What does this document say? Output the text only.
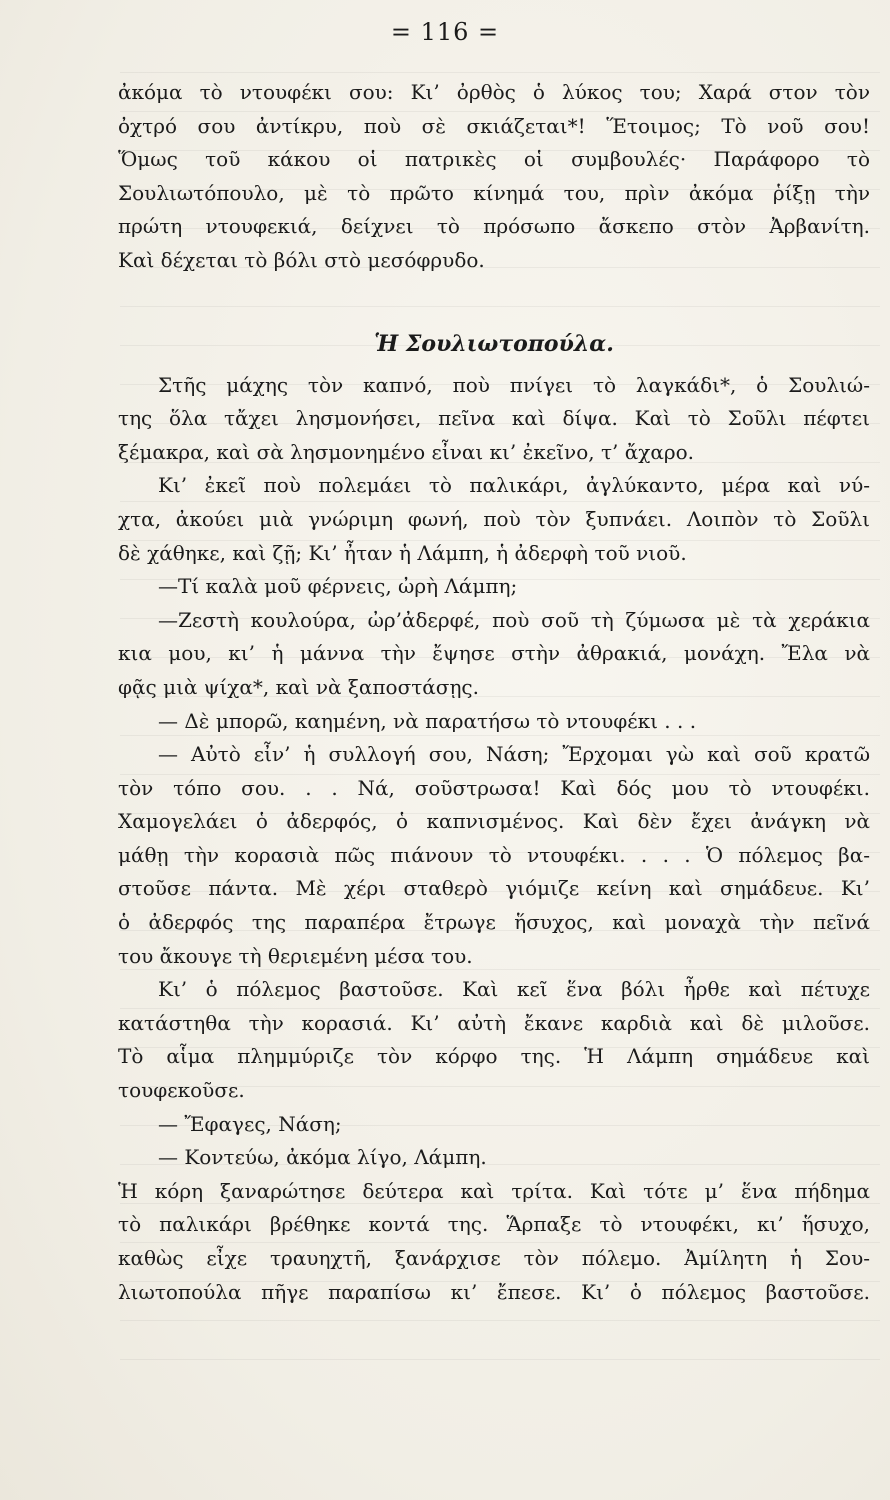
= 116 =
ἀκόμα τὸ ντουφέκι σου: Κι’ ὀρθὸς ὁ λύκος του; Χαρά στον τὸν
ὀχτρό σου ἀντίκρυ, ποὺ σὲ σκιάζεται*! Ἕτοιμος; Τὸ νοῦ σου!
Ὅμως τοῦ κάκου οἱ πατρικὲς οἱ συμβουλές· Παράφορο τὸ
Σουλιωτόπουλο, μὲ τὸ πρῶτο κίνημά του, πρὶν ἀκόμα ῥίξῃ τὴν
πρώτη ντουφεκιά, δείχνει τὸ πρόσωπο ἄσκεπο στὸν Ἀρβανίτη.
Καὶ δέχεται τὸ βόλι στὸ μεσόφρυδο.
Ἡ Σουλιωτοπούλα.
Στῆς μάχης τὸν καπνό, ποὺ πνίγει τὸ λαγκάδι*, ὁ Σουλιώ-
της ὅλα τἄχει λησμονήσει, πεῖνα καὶ δίψα. Καὶ τὸ Σοῦλι πέφτει
ξέμακρα, καὶ σὰ λησμονημένο εἶναι κι’ ἐκεῖνο, τ’ ἄχαρο.
Κι’ ἐκεῖ ποὺ πολεμάει τὸ παλικάρι, ἀγλύκαντο, μέρα καὶ νύ-
χτα, ἀκούει μιὰ γνώριμη φωνή, ποὺ τὸν ξυπνάει. Λοιπὸν τὸ Σοῦλι
δὲ χάθηκε, καὶ ζῇ; Κι’ ἦταν ἡ Λάμπη, ἡ ἀδερφὴ τοῦ νιοῦ.
—Τί καλὰ μοῦ φέρνεις, ὠρὴ Λάμπη;
—Ζεστὴ κουλούρα, ὠρ’ἀδερφέ, ποὺ σοῦ τὴ ζύμωσα μὲ τὰ χεράκια
κια μου, κι’ ἡ μάννα τὴν ἔψησε στὴν ἀθρακιά, μονάχη. Ἔλα νὰ
φᾷς μιὰ ψίχα*, καὶ νὰ ξαποστάσῃς.
— Δὲ μπορῶ, καημένη, νὰ παρατήσω τὸ ντουφέκι . . .
— Αὐτὸ εἶν’ ἡ συλλογή σου, Νάση; Ἔρχομαι γὼ καὶ σοῦ κρατῶ
τὸν τόπο σου. . . Νά, σοῦστρωσα! Καὶ δός μου τὸ ντουφέκι.
Χαμογελάει ὁ ἀδερφός, ὁ καπνισμένος. Καὶ δὲν ἔχει ἀνάγκη νὰ
μάθῃ τὴν κορασιὰ πῶς πιάνουν τὸ ντουφέκι. . . . Ὁ πόλεμος βα-
στοῦσε πάντα. Μὲ χέρι σταθερὸ γιόμιζε κείνη καὶ σημάδευε. Κι’
ὁ ἀδερφός της παραπέρα ἔτρωγε ἥσυχος, καὶ μοναχὰ τὴν πεῖνά
του ἄκουγε τὴ θεριεμένη μέσα του.
Κι’ ὁ πόλεμος βαστοῦσε. Καὶ κεῖ ἕνα βόλι ἦρθε καὶ πέτυχε
κατάστηθα τὴν κορασιά. Κι’ αὐτὴ ἔκανε καρδιὰ καὶ δὲ μιλοῦσε.
Τὸ αἷμα πλημμύριζε τὸν κόρφο της. Ἡ Λάμπη σημάδευε καὶ
τουφεκοῦσε.
— Ἔφαγες, Νάση;
— Κοντεύω, ἀκόμα λίγο, Λάμπη.
Ἡ κόρη ξαναρώτησε δεύτερα καὶ τρίτα. Καὶ τότε μ’ ἕνα πήδημα
τὸ παλικάρι βρέθηκε κοντά της. Ἅρπαξε τὸ ντουφέκι, κι’ ἥσυχο,
καθὼς εἶχε τραυηχτῆ, ξανάρχισε τὸν πόλεμο. Ἀμίλητη ἡ Σου-
λιωτοπούλα πῆγε παραπίσω κι’ ἔπεσε. Κι’ ὁ πόλεμος βαστοῦσε.
